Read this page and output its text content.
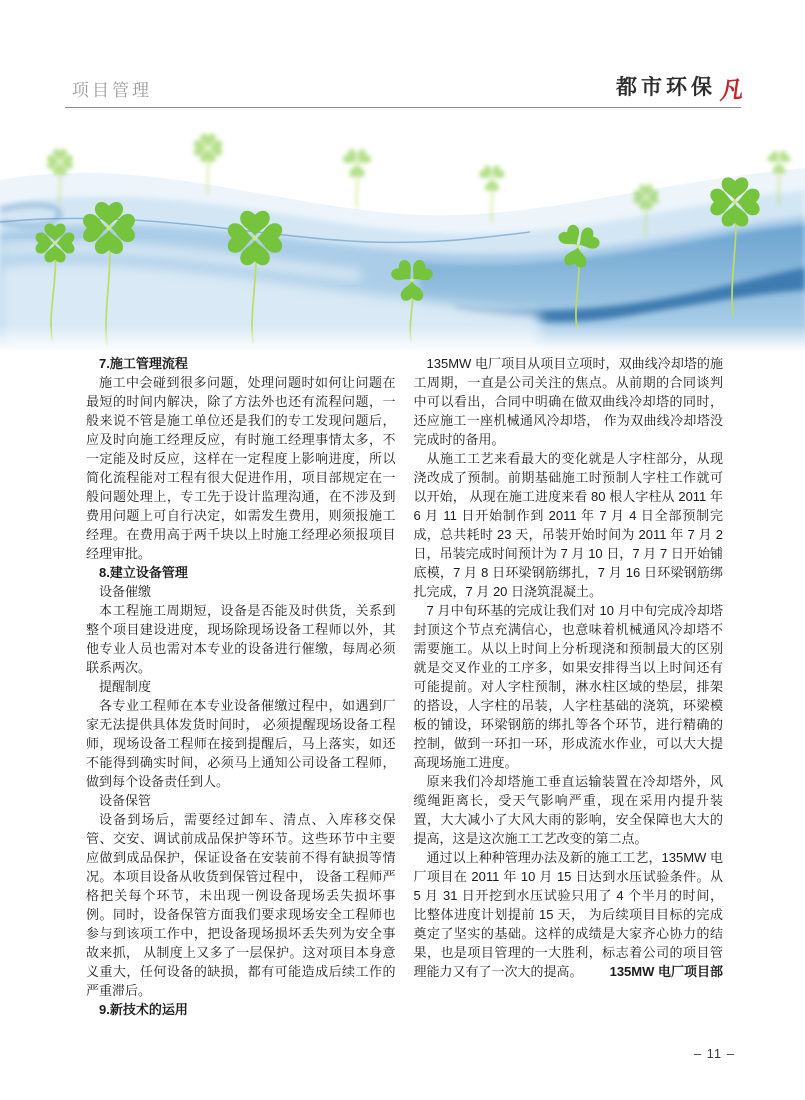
项目管理	都市环保 凡
7.施工管理流程
施工中会碰到很多问题，处理问题时如何让问题在最短的时间内解决，除了方法外也还有流程问题，一般来说不管是施工单位还是我们的专工发现问题后，应及时向施工经理反应，有时施工经理事情太多，不一定能及时反应，这样在一定程度上影响进度，所以简化流程能对工程有很大促进作用，项目部规定在一般问题处理上，专工先于设计监理沟通，在不涉及到费用问题上可自行决定，如需发生费用，则须报施工经理。在费用高于两千块以上时施工经理必须报项目经理审批。
8.建立设备管理
设备催缴
本工程施工周期短，设备是否能及时供货，关系到整个项目建设进度，现场除现场设备工程师以外，其他专业人员也需对本专业的设备进行催缴，每周必须联系两次。
提醒制度
各专业工程师在本专业设备催缴过程中，如遇到厂家无法提供具体发货时间时， 必须提醒现场设备工程师，现场设备工程师在接到提醒后，马上落实，如还不能得到确实时间，必须马上通知公司设备工程师，做到每个设备责任到人。
设备保管
设备到场后，需要经过卸车、清点、入库移交保管、交安、调试前成品保护等环节。这些环节中主要应做到成品保护，保证设备在安装前不得有缺损等情况。本项目设备从收货到保管过程中， 设备工程师严格把关每个环节，未出现一例设备现场丢失损坏事例。同时，设备保管方面我们要求现场安全工程师也参与到该项工作中，把设备现场损坏丢失列为安全事故来抓， 从制度上又多了一层保护。这对项目本身意义重大，任何设备的缺损，都有可能造成后续工作的严重滞后。
9.新技术的运用
135MW 电厂项目从项目立项时，双曲线冷却塔的施工周期，一直是公司关注的焦点。从前期的合同谈判中可以看出，合同中明确在做双曲线冷却塔的同时，还应施工一座机械通风冷却塔， 作为双曲线冷却塔没完成时的备用。
从施工工艺来看最大的变化就是人字柱部分，从现浇改成了预制。前期基础施工时预制人字柱工作就可以开始， 从现在施工进度来看 80 根人字柱从 2011 年 6 月 11 日开始制作到 2011 年 7 月 4 日全部预制完成，总共耗时 23 天，吊装开始时间为 2011 年 7 月 2 日，吊装完成时间预计为 7 月 10 日，7 月 7 日开始铺底模，7 月 8 日环梁钢筋绑扎，7 月 16 日环梁钢筋绑扎完成，7 月 20 日浇筑混凝土。
7 月中旬环基的完成让我们对 10 月中旬完成冷却塔封顶这个节点充满信心，也意味着机械通风冷却塔不需要施工。从以上时间上分析现浇和预制最大的区别就是交叉作业的工序多，如果安排得当以上时间还有可能提前。对人字柱预制，淋水柱区域的垫层，排架的搭设，人字柱的吊装，人字柱基础的浇筑，环梁模板的铺设，环梁钢筋的绑扎等各个环节，进行精确的控制，做到一环扣一环，形成流水作业，可以大大提高现场施工进度。
原来我们冷却塔施工垂直运输装置在冷却塔外，风缆绳距离长，受天气影响严重，现在采用内提升装置，大大减小了大风大雨的影响，安全保障也大大的提高，这是这次施工工艺改变的第二点。
通过以上种种管理办法及新的施工工艺，135MW 电厂项目在 2011 年 10 月 15 日达到水压试验条件。从 5 月 31 日开挖到水压试验只用了 4 个半月的时间， 比整体进度计划提前 15 天， 为后续项目目标的完成奠定了坚实的基础。这样的成绩是大家齐心协力的结果，也是项目管理的一大胜利，标志着公司的项目管理能力又有了一次大的提高。 135MW 电厂项目部
– 11 –
